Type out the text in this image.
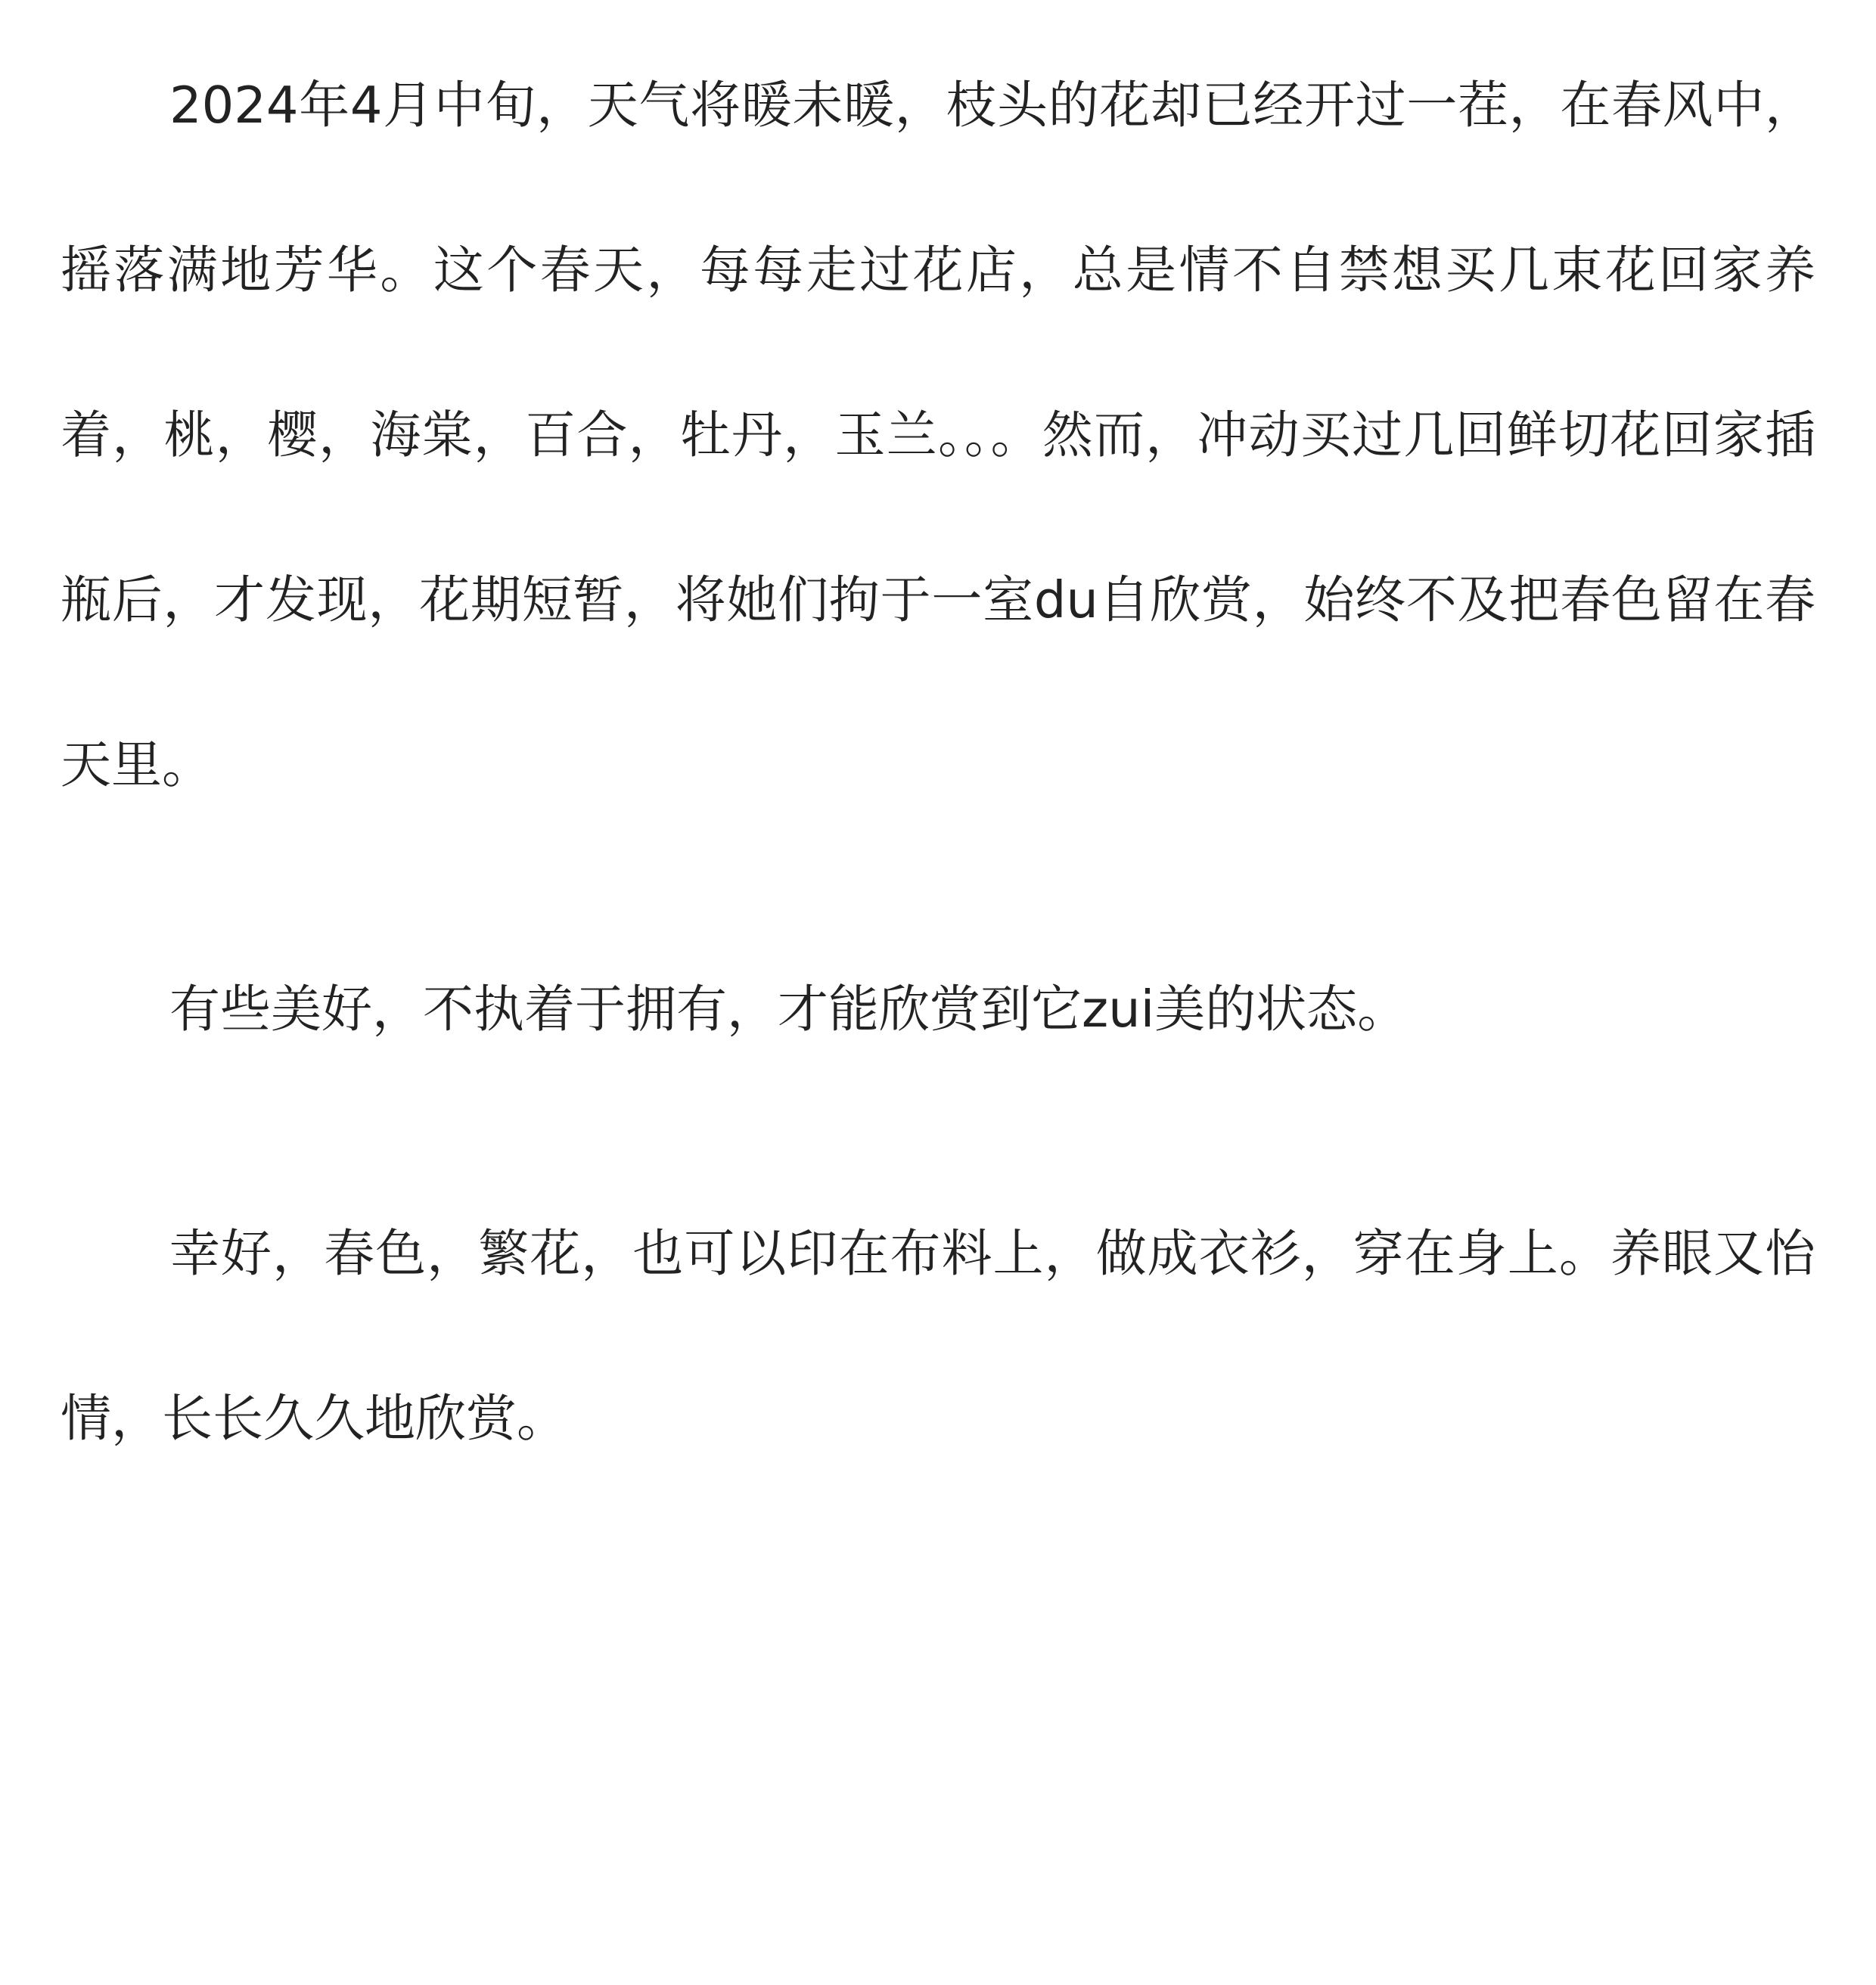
2024年4月中旬，天气将暖未暖，枝头的花却已经开过一茬，在春风中，摇落满地芳华。这个春天，每每走过花店，总是情不自禁想买几束花回家养着，桃，樱，海棠，百合，牡丹，玉兰。。。然而，冲动买过几回鲜切花回家插瓶后，才发现，花期短暂，将她们拘于一室du自欣赏，始终不及把春色留在春天里。

有些美好，不执着于拥有，才能欣赏到它zui美的状态。

幸好，春色，繁花，也可以印在布料上，做成衣衫，穿在身上。养眼又怡情，长长久久地欣赏。
